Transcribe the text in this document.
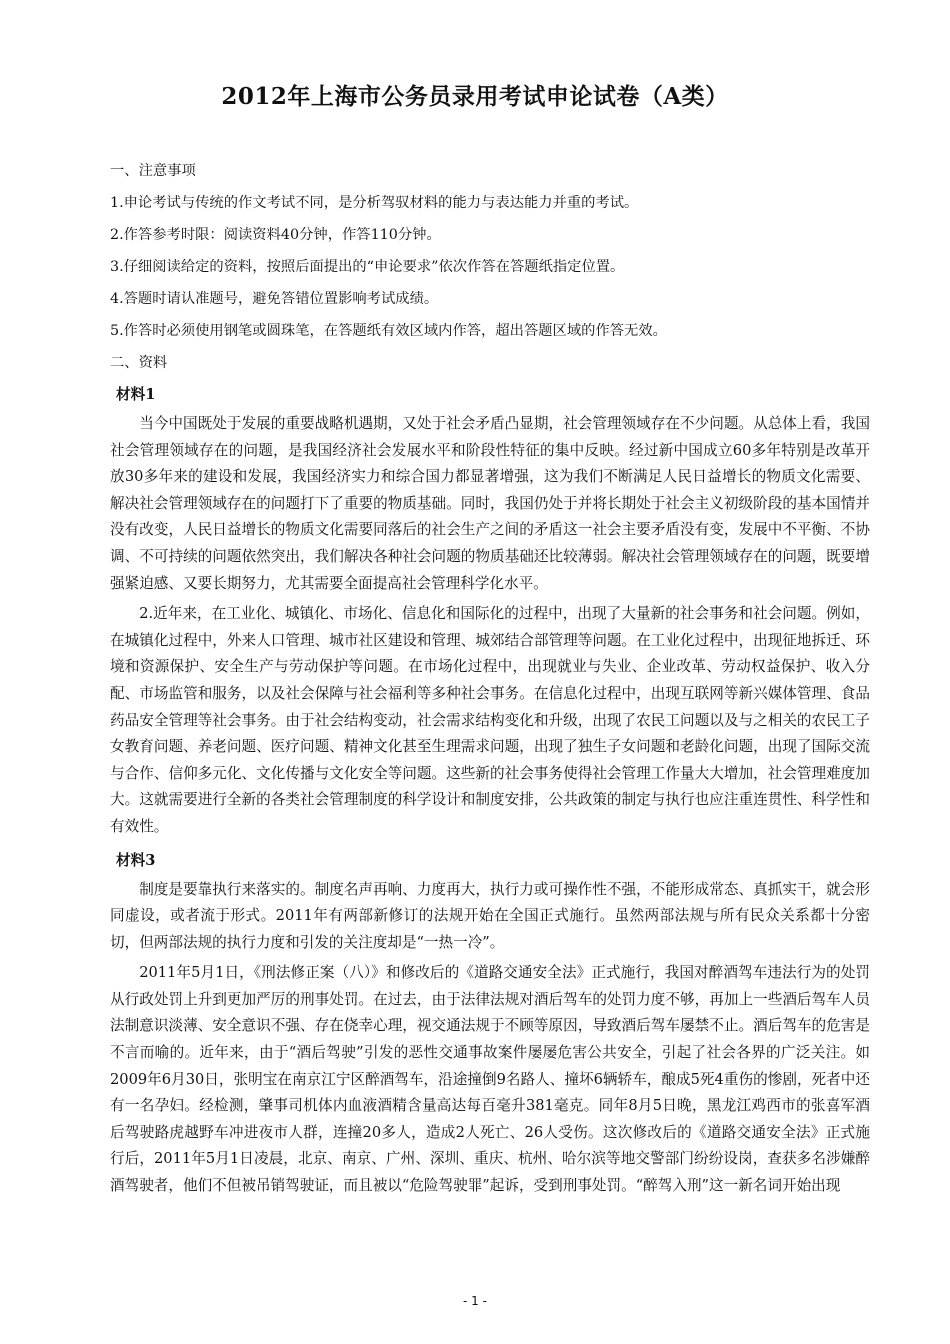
2012年上海市公务员录用考试申论试卷（A类）
一、注意事项
1.申论考试与传统的作文考试不同，是分析驾驭材料的能力与表达能力并重的考试。
2.作答参考时限：阅读资料40分钟，作答110分钟。
3.仔细阅读给定的资料，按照后面提出的“申论要求”依次作答在答题纸指定位置。
4.答题时请认准题号，避免答错位置影响考试成绩。
5.作答时必须使用钢笔或圆珠笔，在答题纸有效区域内作答，超出答题区域的作答无效。
二、资料
材料1

当今中国既处于发展的重要战略机遇期，又处于社会矛盾凸显期，社会管理领域存在不少问题。从总体上看，我国社会管理领域存在的问题，是我国经济社会发展水平和阶段性特征的集中反映。经过新中国成立60多年特别是改革开放30多年来的建设和发展，我国经济实力和综合国力都显著增强，这为我们不断满足人民日益增长的物质文化需要、解决社会管理领域存在的问题打下了重要的物质基础。同时，我国仍处于并将长期处于社会主义初级阶段的基本国情并没有改变，人民日益增长的物质文化需要同落后的社会生产之间的矛盾这一社会主要矛盾没有变，发展中不平衡、不协调、不可持续的问题依然突出，我们解决各种社会问题的物质基础还比较薄弱。解决社会管理领域存在的问题，既要增强紧迫感、又要长期努力，尤其需要全面提高社会管理科学化水平。

2.近年来，在工业化、城镇化、市场化、信息化和国际化的过程中，出现了大量新的社会事务和社会问题。例如，在城镇化过程中，外来人口管理、城市社区建设和管理、城郊结合部管理等问题。在工业化过程中，出现征地拆迁、环境和资源保护、安全生产与劳动保护等问题。在市场化过程中，出现就业与失业、企业改革、劳动权益保护、收入分配、市场监管和服务，以及社会保障与社会福利等多种社会事务。在信息化过程中，出现互联网等新兴媒体管理、食品药品安全管理等社会事务。由于社会结构变动，社会需求结构变化和升级，出现了农民工问题以及与之相关的农民工子女教育问题、养老问题、医疗问题、精神文化甚至生理需求问题，出现了独生子女问题和老龄化问题，出现了国际交流与合作、信仰多元化、文化传播与文化安全等问题。这些新的社会事务使得社会管理工作量大大增加，社会管理难度加大。这就需要进行全新的各类社会管理制度的科学设计和制度安排，公共政策的制定与执行也应注重连贯性、科学性和有效性。

材料3

制度是要靠执行来落实的。制度名声再响、力度再大，执行力或可操作性不强，不能形成常态、真抓实干，就会形同虚设，或者流于形式。2011年有两部新修订的法规开始在全国正式施行。虽然两部法规与所有民众关系都十分密切，但两部法规的执行力度和引发的关注度却是“一热一冷”。

2011年5月1日，《刑法修正案（八）》和修改后的《道路交通安全法》正式施行，我国对醉酒驾车违法行为的处罚从行政处罚上升到更加严厉的刑事处罚。在过去，由于法律法规对酒后驾车的处罚力度不够，再加上一些酒后驾车人员法制意识淡薄、安全意识不强、存在侥幸心理，视交通法规于不顾等原因，导致酒后驾车屡禁不止。酒后驾车的危害是不言而喻的。近年来，由于“酒后驾驶”引发的恶性交通事故案件屡屡危害公共安全，引起了社会各界的广泛关注。如2009年6月30日，张明宝在南京江宁区醉酒驾车，沿途撞倒9名路人、撞坏6辆轿车，酿成5死4重伤的惨剧，死者中还有一名孕妇。经检测，肇事司机体内血液酒精含量高达每百毫升381毫克。同年8月5日晚，黑龙江鸡西市的张喜军酒后驾驶路虎越野车冲进夜市人群，连撞20多人，造成2人死亡、26人受伤。这次修改后的《道路交通安全法》正式施行后，2011年5月1日凌晨，北京、南京、广州、深圳、重庆、杭州、哈尔滨等地交警部门纷纷设岗，查获多名涉嫌醉酒驾驶者，他们不但被吊销驾驶证，而且被以“危险驾驶罪”起诉，受到刑事处罚。“醉驾入刑”这一新名词开始出现

- 1 -
